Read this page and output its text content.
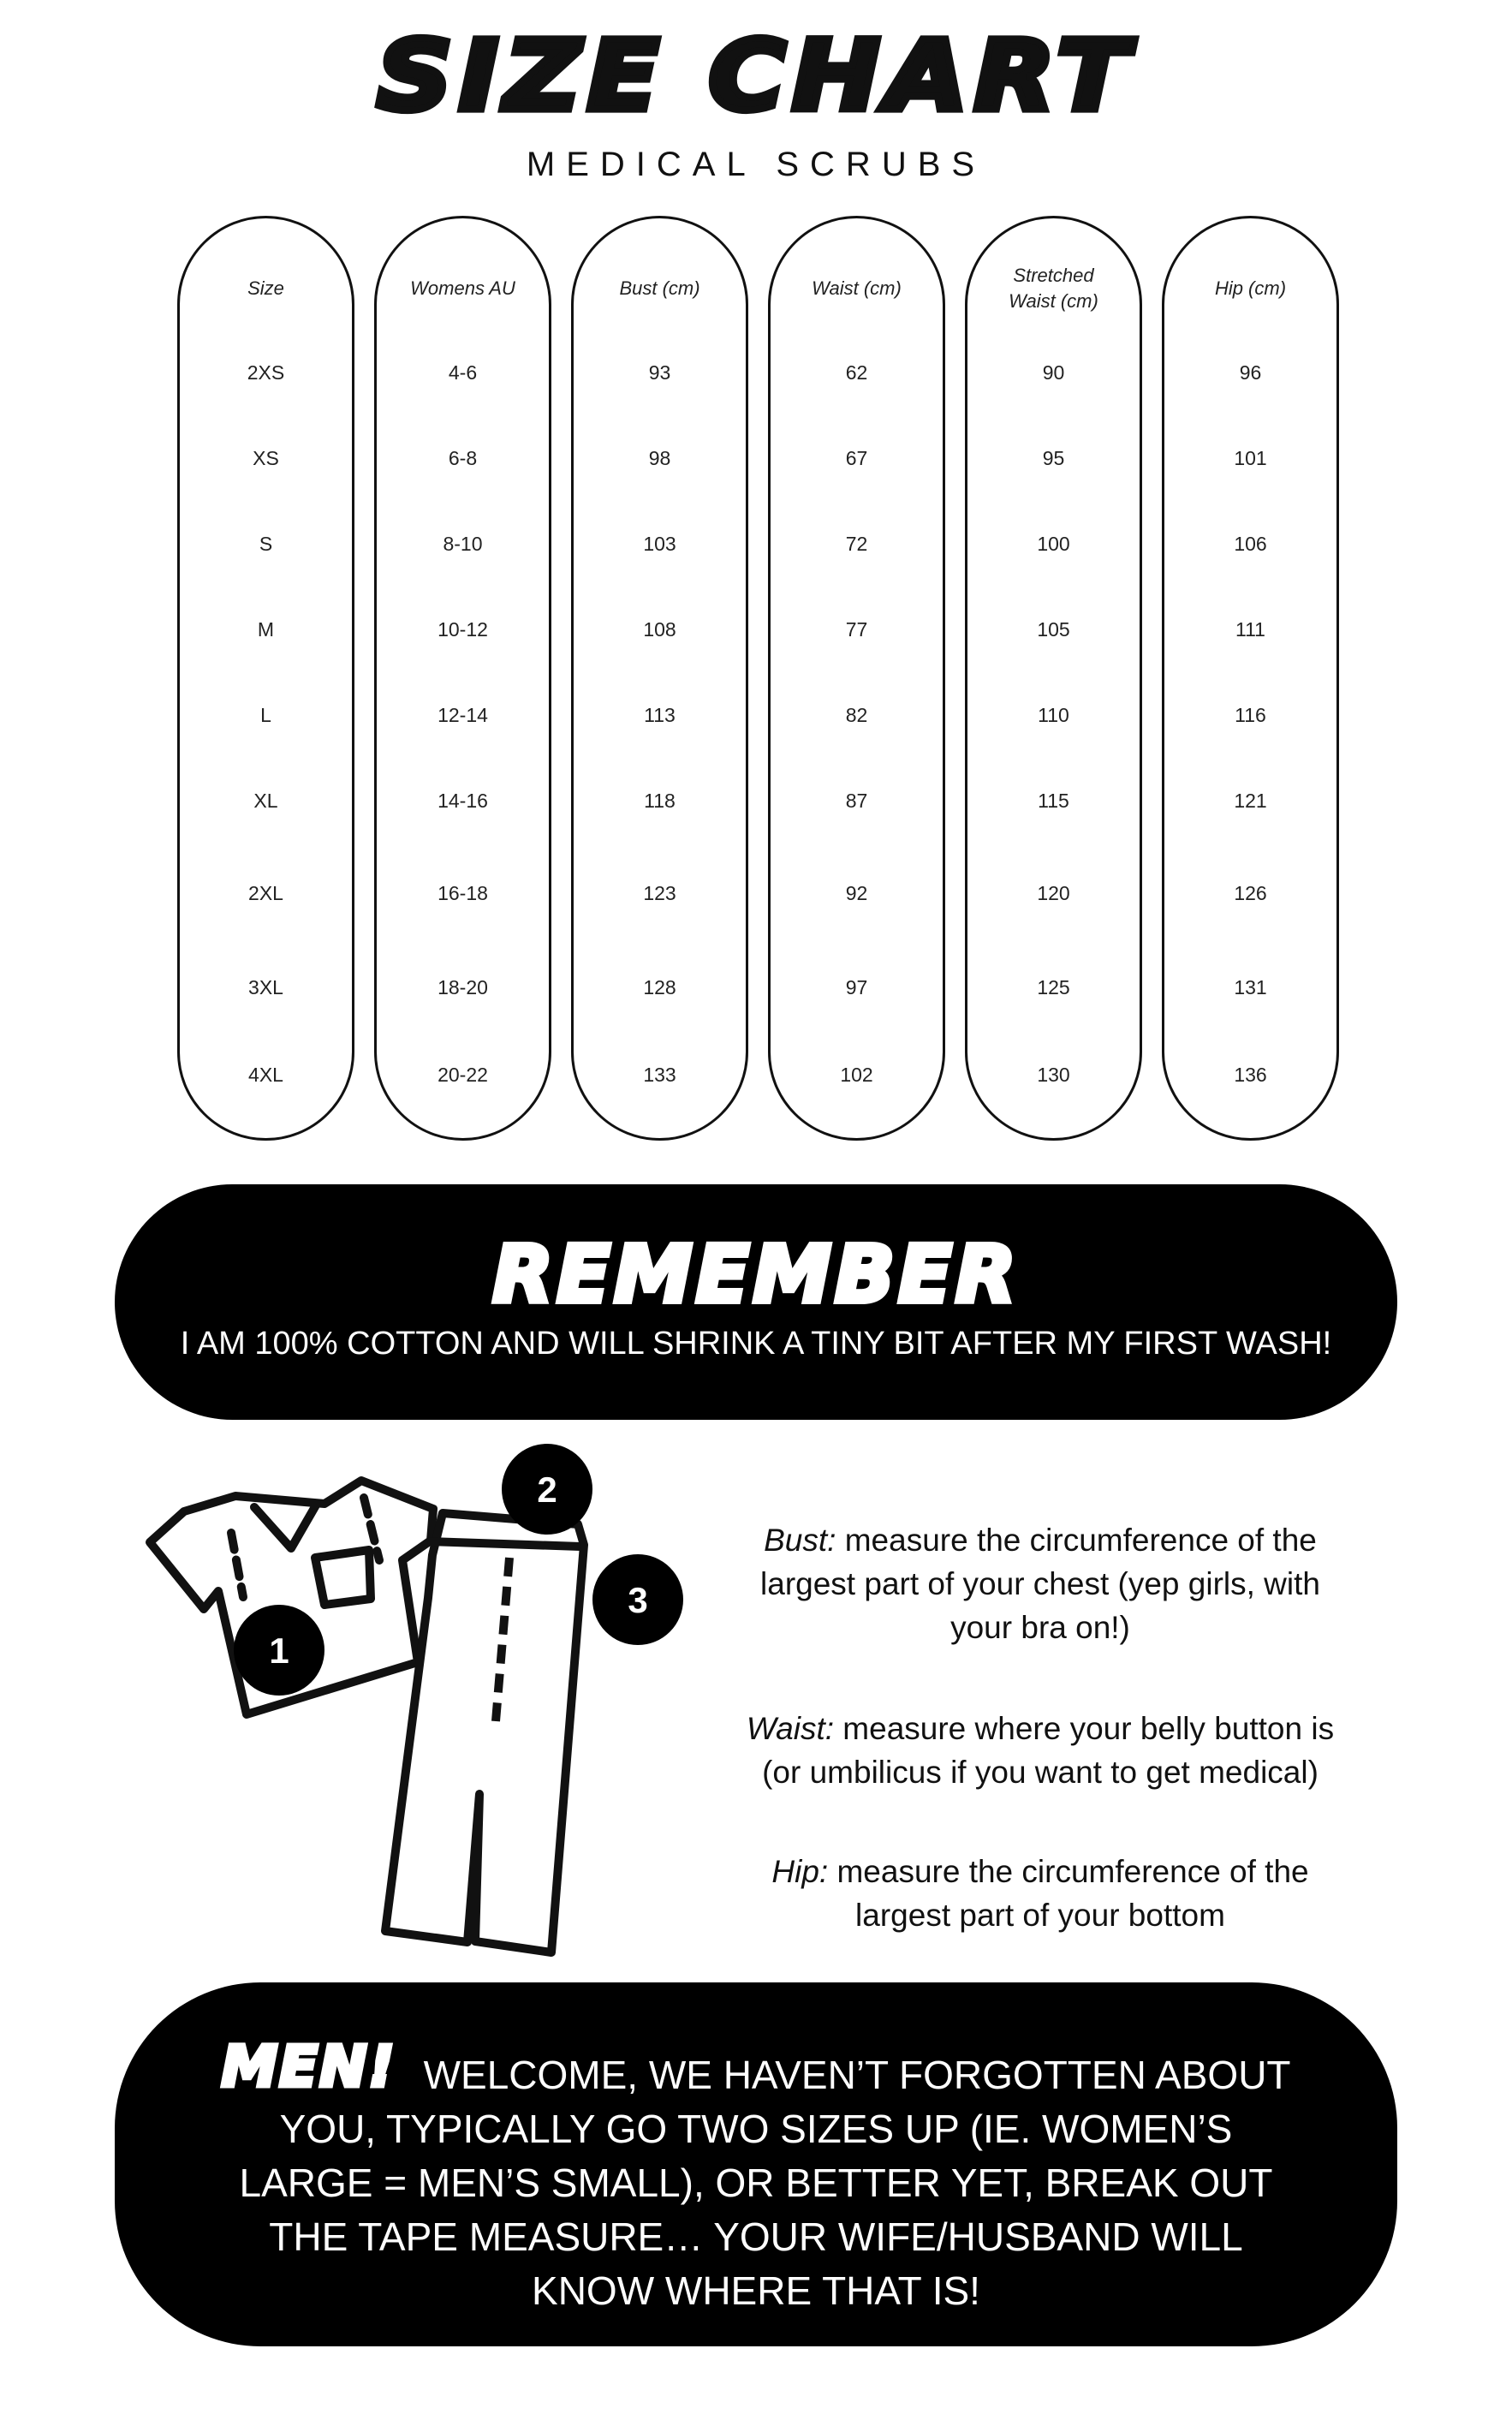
SIZE CHART
MEDICAL SCRUBS
Size
2XS
XS
S
M
L
XL
2XL
3XL
4XL
Womens AU
4-6
6-8
8-10
10-12
12-14
14-16
16-18
18-20
20-22
Bust (cm)
93
98
103
108
113
118
123
128
133
Waist (cm)
62
67
72
77
82
87
92
97
102
Stretched
Waist (cm)
90
95
100
105
110
115
120
125
130
Hip (cm)
96
101
106
111
116
121
126
131
136
REMEMBER
I AM 100% COTTON AND WILL SHRINK A TINY BIT AFTER MY FIRST WASH!
1
2
3
Bust: measure the circumference of the largest part of your chest (yep girls, with your bra on!)
Waist: measure where your belly button is (or umbilicus if you want to get medical)
Hip: measure the circumference of the largest part of your bottom
MEN! WELCOME, WE HAVEN’T FORGOTTEN ABOUT YOU, TYPICALLY GO TWO SIZES UP (IE. WOMEN’S LARGE = MEN’S SMALL), OR BETTER YET, BREAK OUT THE TAPE MEASURE… YOUR WIFE/HUSBAND WILL KNOW WHERE THAT IS!
